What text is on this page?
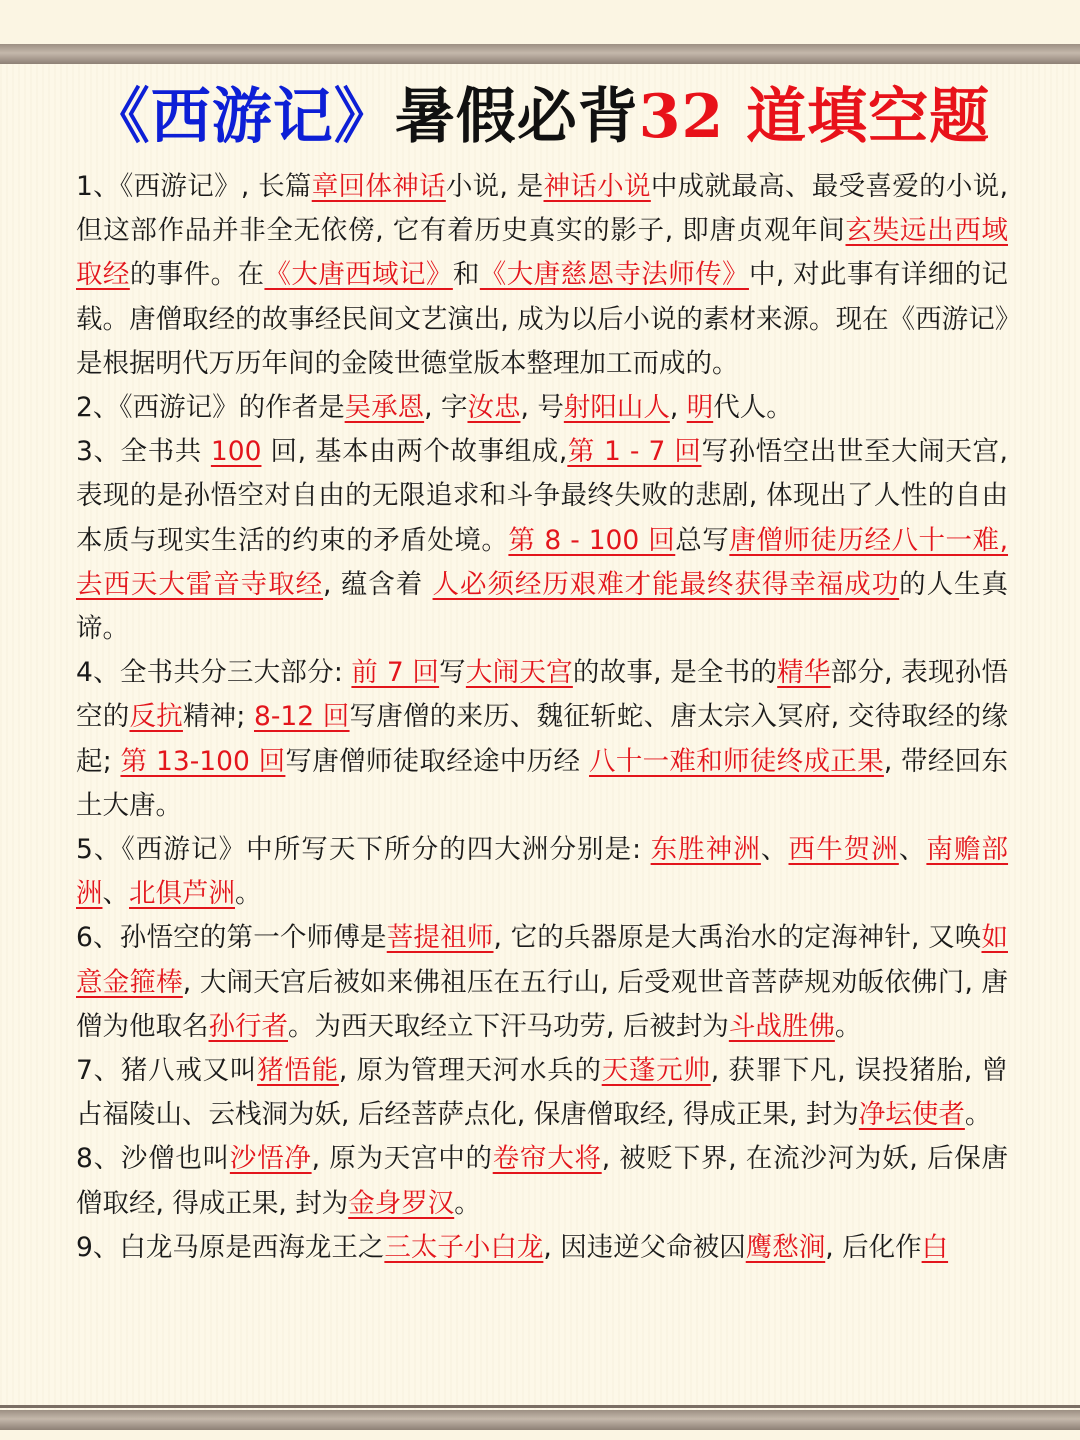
《西游记》暑假必背32 道填空题

1、《西游记》, 长篇章回体神话小说, 是神话小说中成就最高、最受喜爱的小说, 但这部作品并非全无依傍, 它有着历史真实的影子, 即唐贞观年间玄奘远出西域取经的事件。在《大唐西域记》和《大唐慈恩寺法师传》中, 对此事有详细的记载。唐僧取经的故事经民间文艺演出, 成为以后小说的素材来源。现在《西游记》是根据明代万历年间的金陵世德堂版本整理加工而成的。

2、《西游记》的作者是吴承恩, 字汝忠, 号射阳山人, 明代人。

3、全书共 100 回, 基本由两个故事组成,第 1 - 7 回写孙悟空出世至大闹天宫, 表现的是孙悟空对自由的无限追求和斗争最终失败的悲剧, 体现出了人性的自由本质与现实生活的约束的矛盾处境。第 8 - 100 回总写唐僧师徒历经八十一难, 去西天大雷音寺取经, 蕴含着 人必须经历艰难才能最终获得幸福成功的人生真谛。

4、全书共分三大部分: 前 7 回写大闹天宫的故事, 是全书的精华部分, 表现孙悟空的反抗精神; 8-12 回写唐僧的来历、魏征斩蛇、唐太宗入冥府, 交待取经的缘起; 第 13-100 回写唐僧师徒取经途中历经 八十一难和师徒终成正果, 带经回东土大唐。

5、《西游记》中所写天下所分的四大洲分别是: 东胜神洲、西牛贺洲、南赡部洲、北俱芦洲。

6、孙悟空的第一个师傅是菩提祖师, 它的兵器原是大禹治水的定海神针, 又唤如意金箍棒, 大闹天宫后被如来佛祖压在五行山, 后受观世音菩萨规劝皈依佛门, 唐僧为他取名孙行者。为西天取经立下汗马功劳, 后被封为斗战胜佛。

7、猪八戒又叫猪悟能, 原为管理天河水兵的天蓬元帅, 获罪下凡, 误投猪胎, 曾占福陵山、云栈洞为妖, 后经菩萨点化, 保唐僧取经, 得成正果, 封为净坛使者。

8、沙僧也叫沙悟净, 原为天宫中的卷帘大将, 被贬下界, 在流沙河为妖, 后保唐僧取经, 得成正果, 封为金身罗汉。

9、白龙马原是西海龙王之三太子小白龙, 因违逆父命被囚鹰愁涧, 后化作白
